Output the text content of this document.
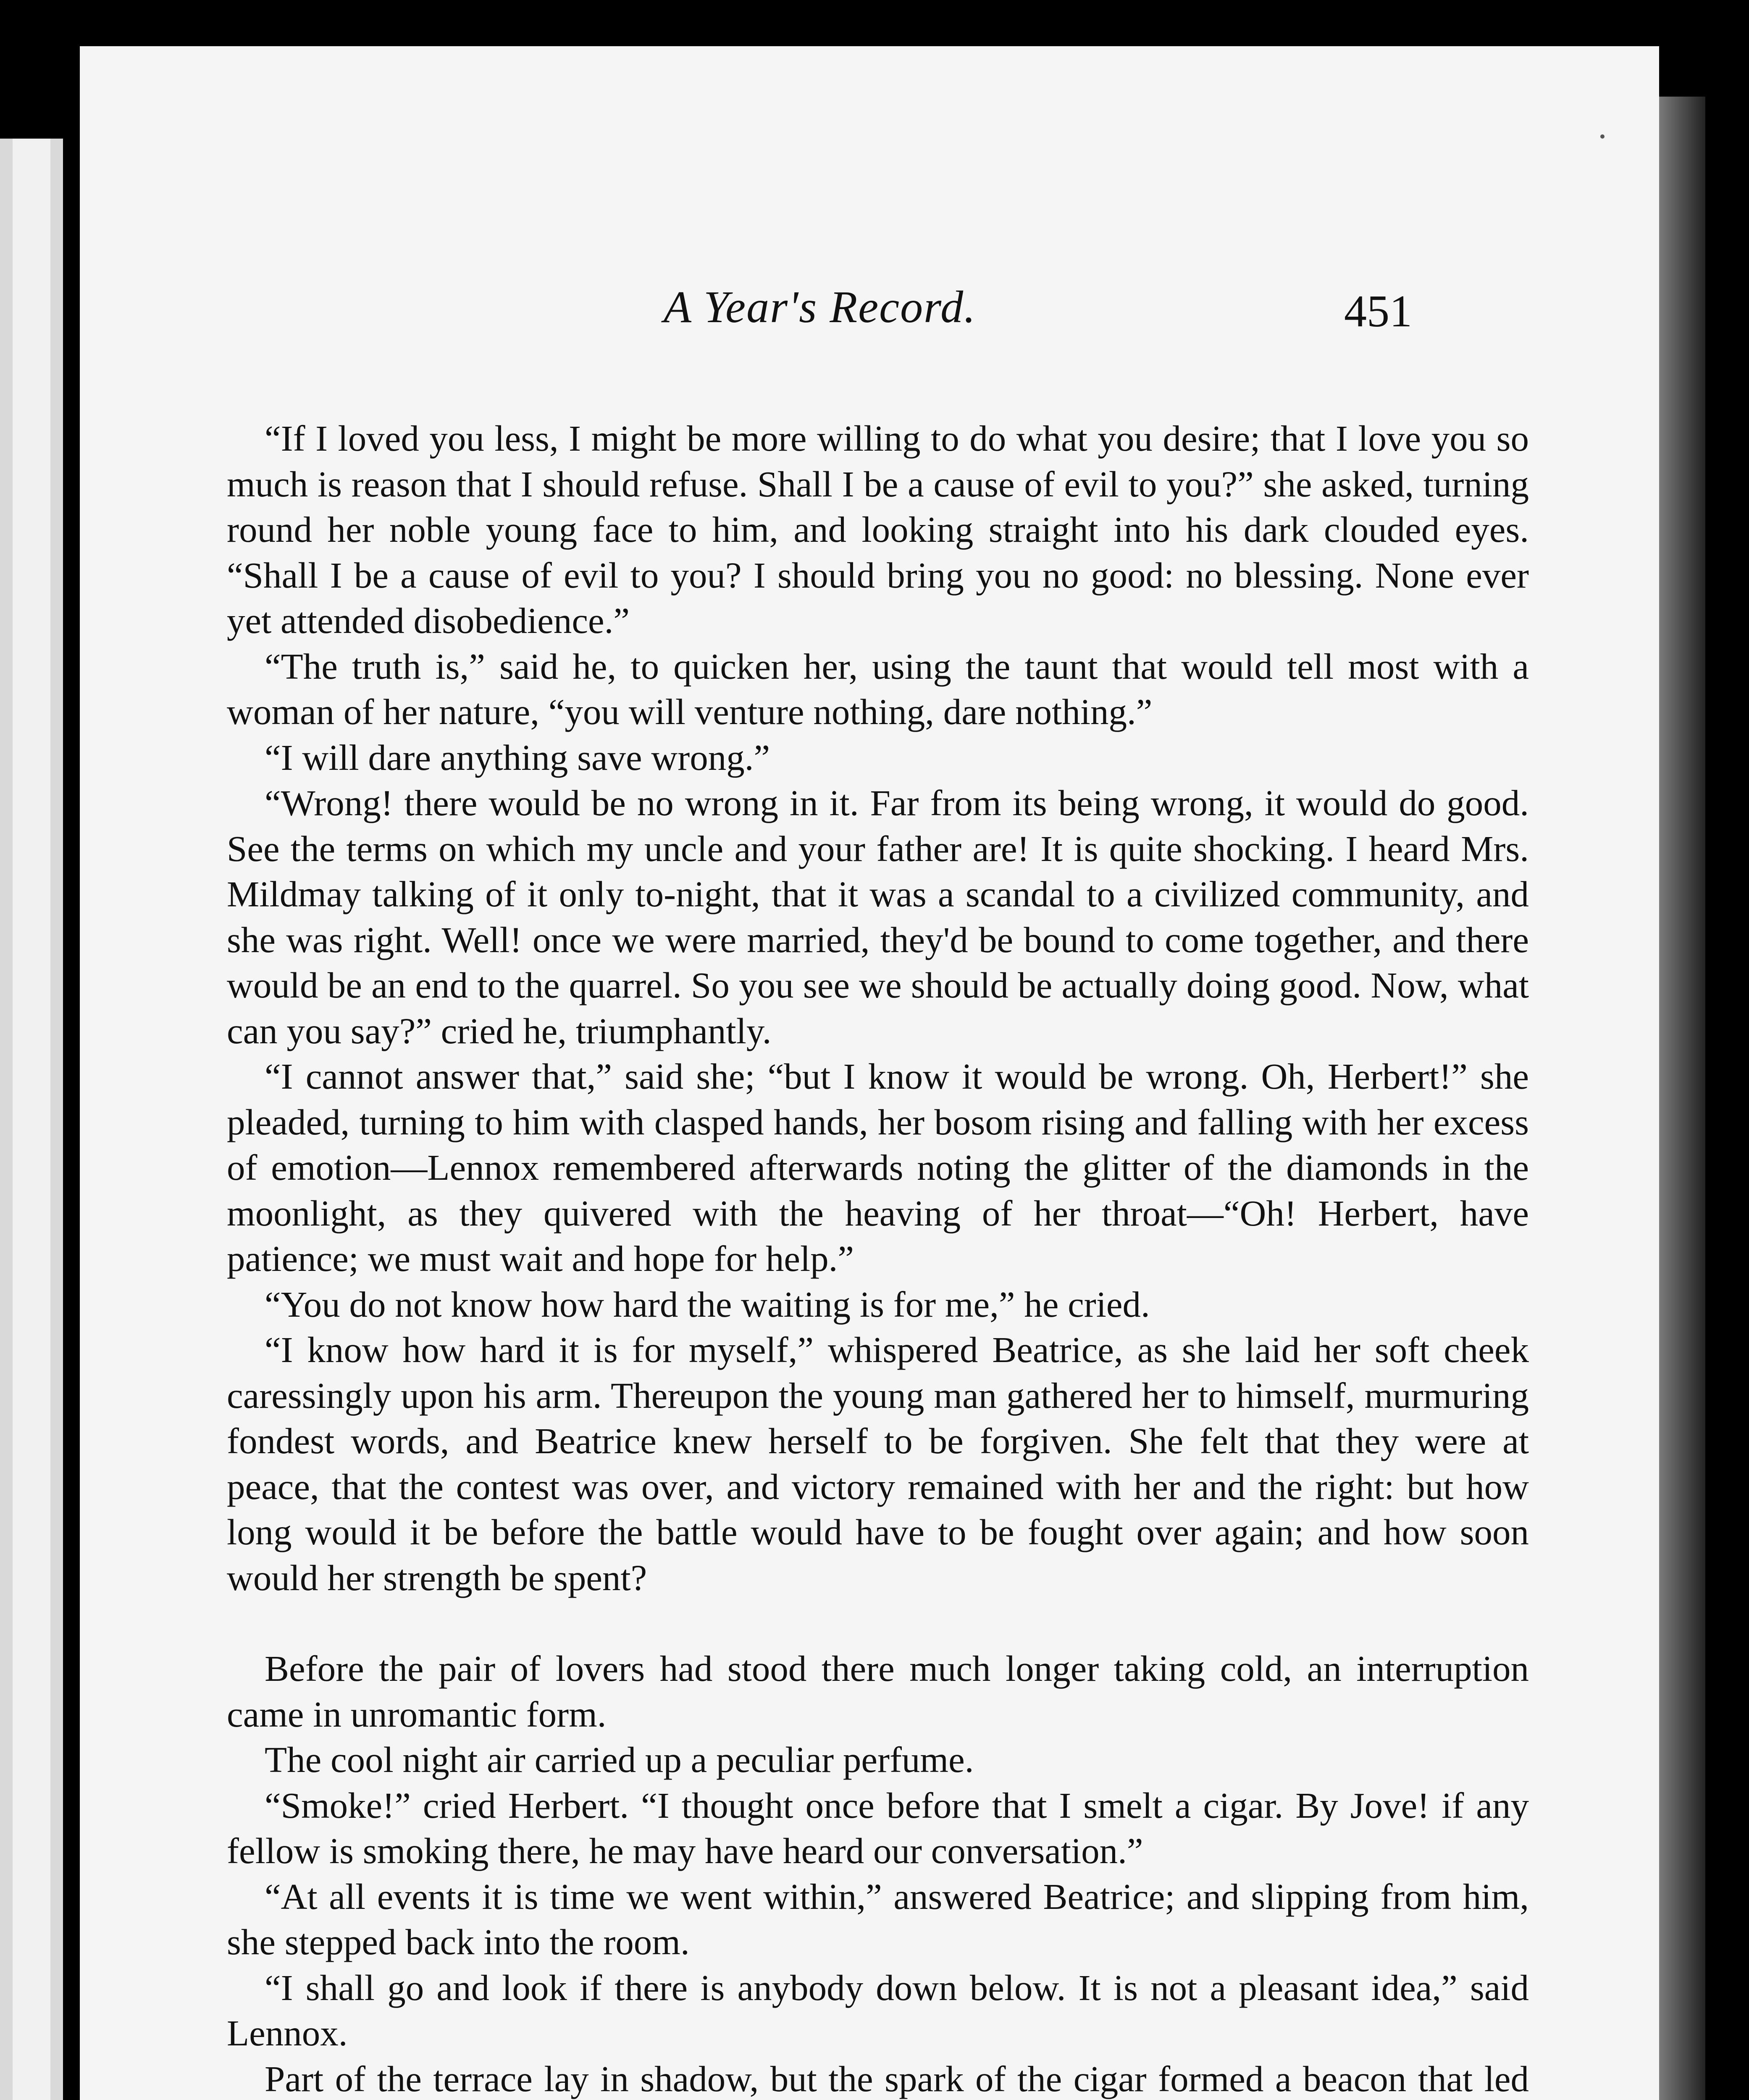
A Year's Record.	451

“If I loved you less, I might be more willing to do what you desire; that I love you so much is reason that I should refuse. Shall I be a cause of evil to you?” she asked, turning round her noble young face to him, and looking straight into his dark clouded eyes. “Shall I be a cause of evil to you? I should bring you no good: no blessing. None ever yet attended disobedience.”

“The truth is,” said he, to quicken her, using the taunt that would tell most with a woman of her nature, “you will venture nothing, dare nothing.”

“I will dare anything save wrong.”

“Wrong! there would be no wrong in it. Far from its being wrong, it would do good. See the terms on which my uncle and your father are! It is quite shocking. I heard Mrs. Mildmay talking of it only to-night, that it was a scandal to a civilized community, and she was right. Well! once we were married, they'd be bound to come together, and there would be an end to the quarrel. So you see we should be actually doing good. Now, what can you say?” cried he, triumphantly.

“I cannot answer that,” said she; “but I know it would be wrong. Oh, Herbert!” she pleaded, turning to him with clasped hands, her bosom rising and falling with her excess of emotion—Lennox remembered afterwards noting the glitter of the diamonds in the moonlight, as they quivered with the heaving of her throat—“Oh! Herbert, have patience; we must wait and hope for help.”

“You do not know how hard the waiting is for me,” he cried.

“I know how hard it is for myself,” whispered Beatrice, as she laid her soft cheek caressingly upon his arm. Thereupon the young man gathered her to himself, murmuring fondest words, and Beatrice knew herself to be forgiven. She felt that they were at peace, that the contest was over, and victory remained with her and the right: but how long would it be before the battle would have to be fought over again; and how soon would her strength be spent?

Before the pair of lovers had stood there much longer taking cold, an interruption came in unromantic form.

The cool night air carried up a peculiar perfume.

“Smoke!” cried Herbert. “I thought once before that I smelt a cigar. By Jove! if any fellow is smoking there, he may have heard our conversation.”

“At all events it is time we went within,” answered Beatrice; and slipping from him, she stepped back into the room.

“I shall go and look if there is anybody down below. It is not a pleasant idea,” said Lennox.

Part of the terrace lay in shadow, but the spark of the cigar formed a beacon that led
